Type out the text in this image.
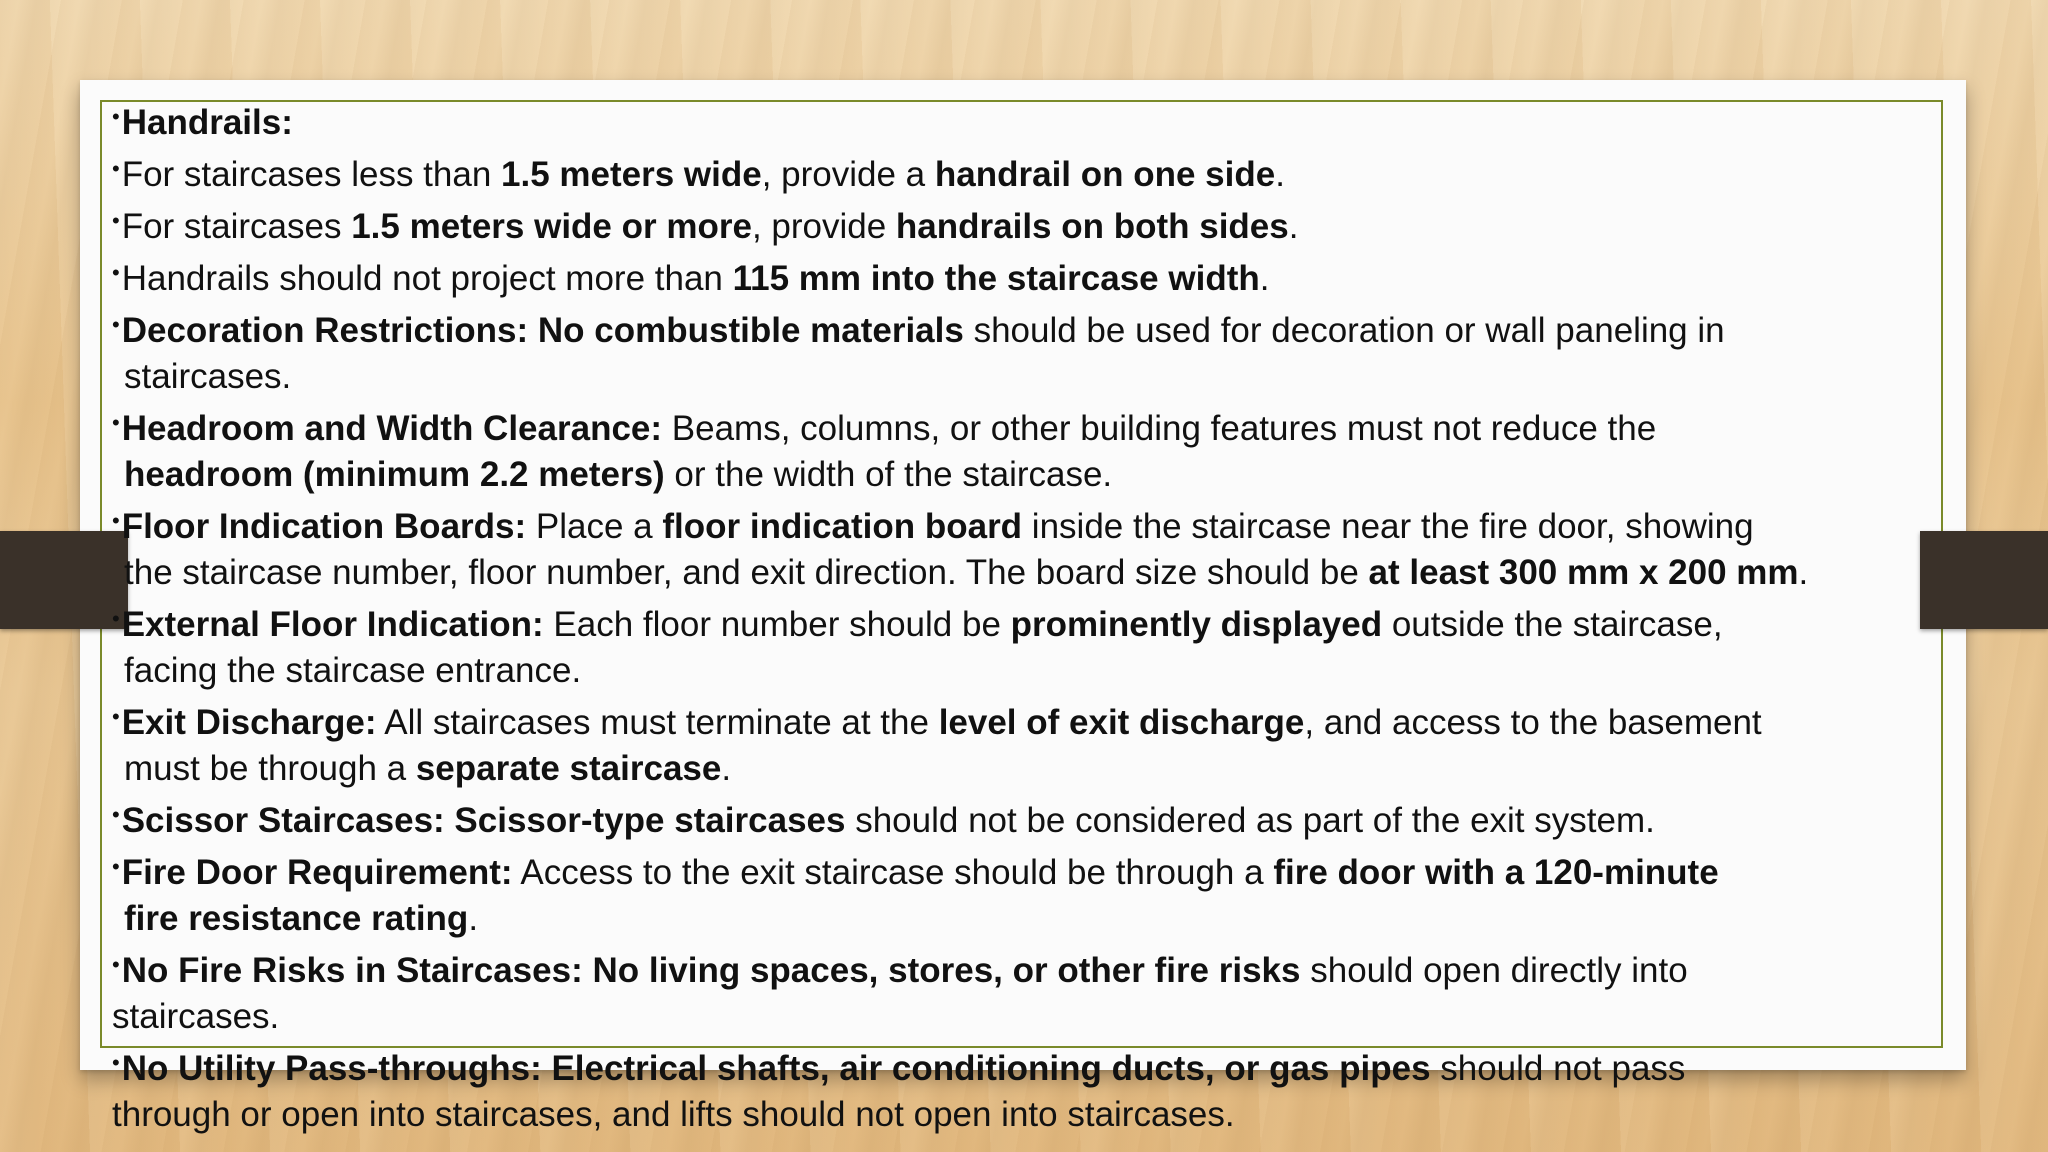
•Handrails:
•For staircases less than 1.5 meters wide, provide a handrail on one side.
•For staircases 1.5 meters wide or more, provide handrails on both sides.
•Handrails should not project more than 115 mm into the staircase width.
•Decoration Restrictions: No combustible materials should be used for decoration or wall paneling in
staircases.
•Headroom and Width Clearance: Beams, columns, or other building features must not reduce the
headroom (minimum 2.2 meters) or the width of the staircase.
•Floor Indication Boards: Place a floor indication board inside the staircase near the fire door, showing
the staircase number, floor number, and exit direction. The board size should be at least 300 mm x 200 mm.
•External Floor Indication: Each floor number should be prominently displayed outside the staircase,
facing the staircase entrance.
•Exit Discharge: All staircases must terminate at the level of exit discharge, and access to the basement
must be through a separate staircase.
•Scissor Staircases: Scissor-type staircases should not be considered as part of the exit system.
•Fire Door Requirement: Access to the exit staircase should be through a fire door with a 120-minute
fire resistance rating.
•No Fire Risks in Staircases: No living spaces, stores, or other fire risks should open directly into
staircases.
•No Utility Pass-throughs: Electrical shafts, air conditioning ducts, or gas pipes should not pass
through or open into staircases, and lifts should not open into staircases.
